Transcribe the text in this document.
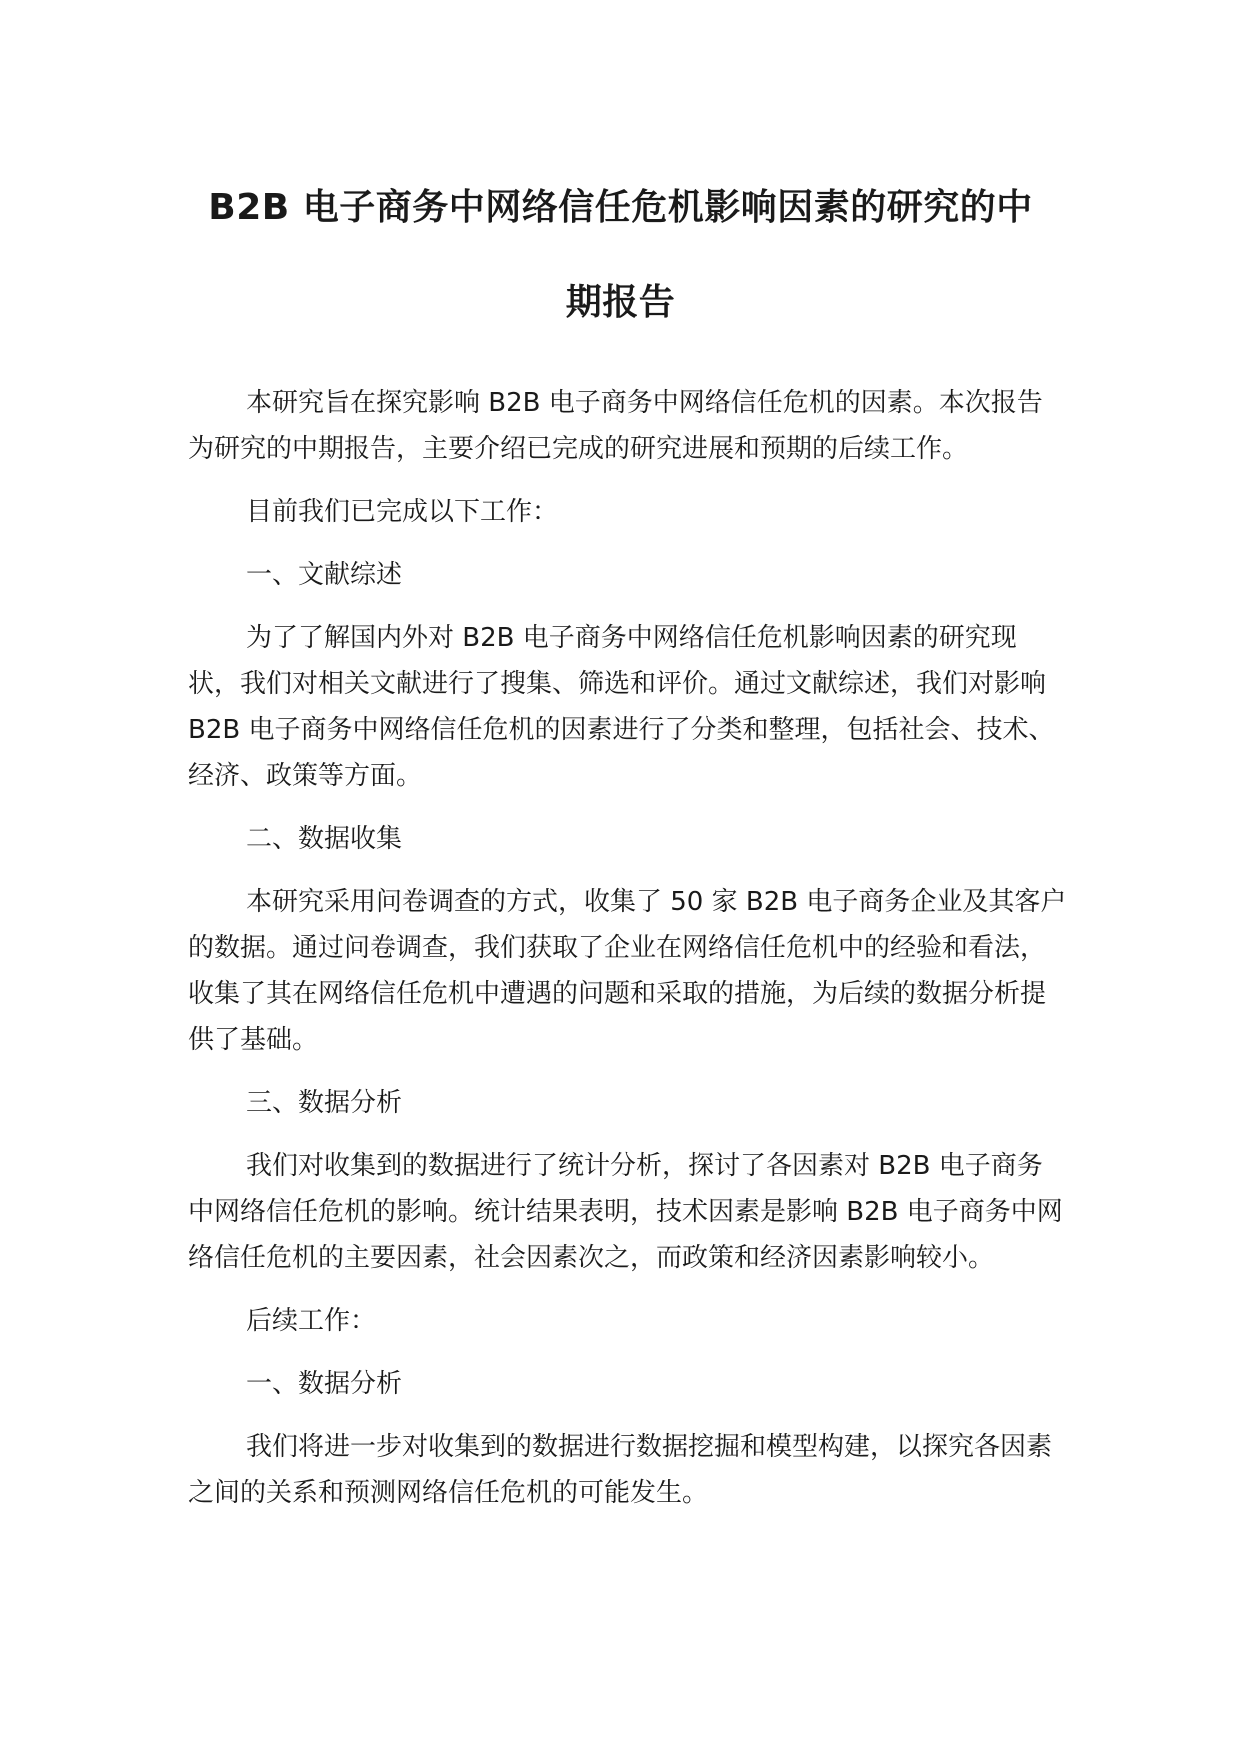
B2B 电子商务中网络信任危机影响因素的研究的中
期报告

本研究旨在探究影响 B2B 电子商务中网络信任危机的因素。本次报告为研究的中期报告，主要介绍已完成的研究进展和预期的后续工作。

目前我们已完成以下工作：

一、文献综述

为了了解国内外对 B2B 电子商务中网络信任危机影响因素的研究现状，我们对相关文献进行了搜集、筛选和评价。通过文献综述，我们对影响 B2B 电子商务中网络信任危机的因素进行了分类和整理，包括社会、技术、经济、政策等方面。

二、数据收集

本研究采用问卷调查的方式，收集了 50 家 B2B 电子商务企业及其客户的数据。通过问卷调查，我们获取了企业在网络信任危机中的经验和看法，收集了其在网络信任危机中遭遇的问题和采取的措施，为后续的数据分析提供了基础。

三、数据分析

我们对收集到的数据进行了统计分析，探讨了各因素对 B2B 电子商务中网络信任危机的影响。统计结果表明，技术因素是影响 B2B 电子商务中网络信任危机的主要因素，社会因素次之，而政策和经济因素影响较小。

后续工作：

一、数据分析

我们将进一步对收集到的数据进行数据挖掘和模型构建，以探究各因素之间的关系和预测网络信任危机的可能发生。
